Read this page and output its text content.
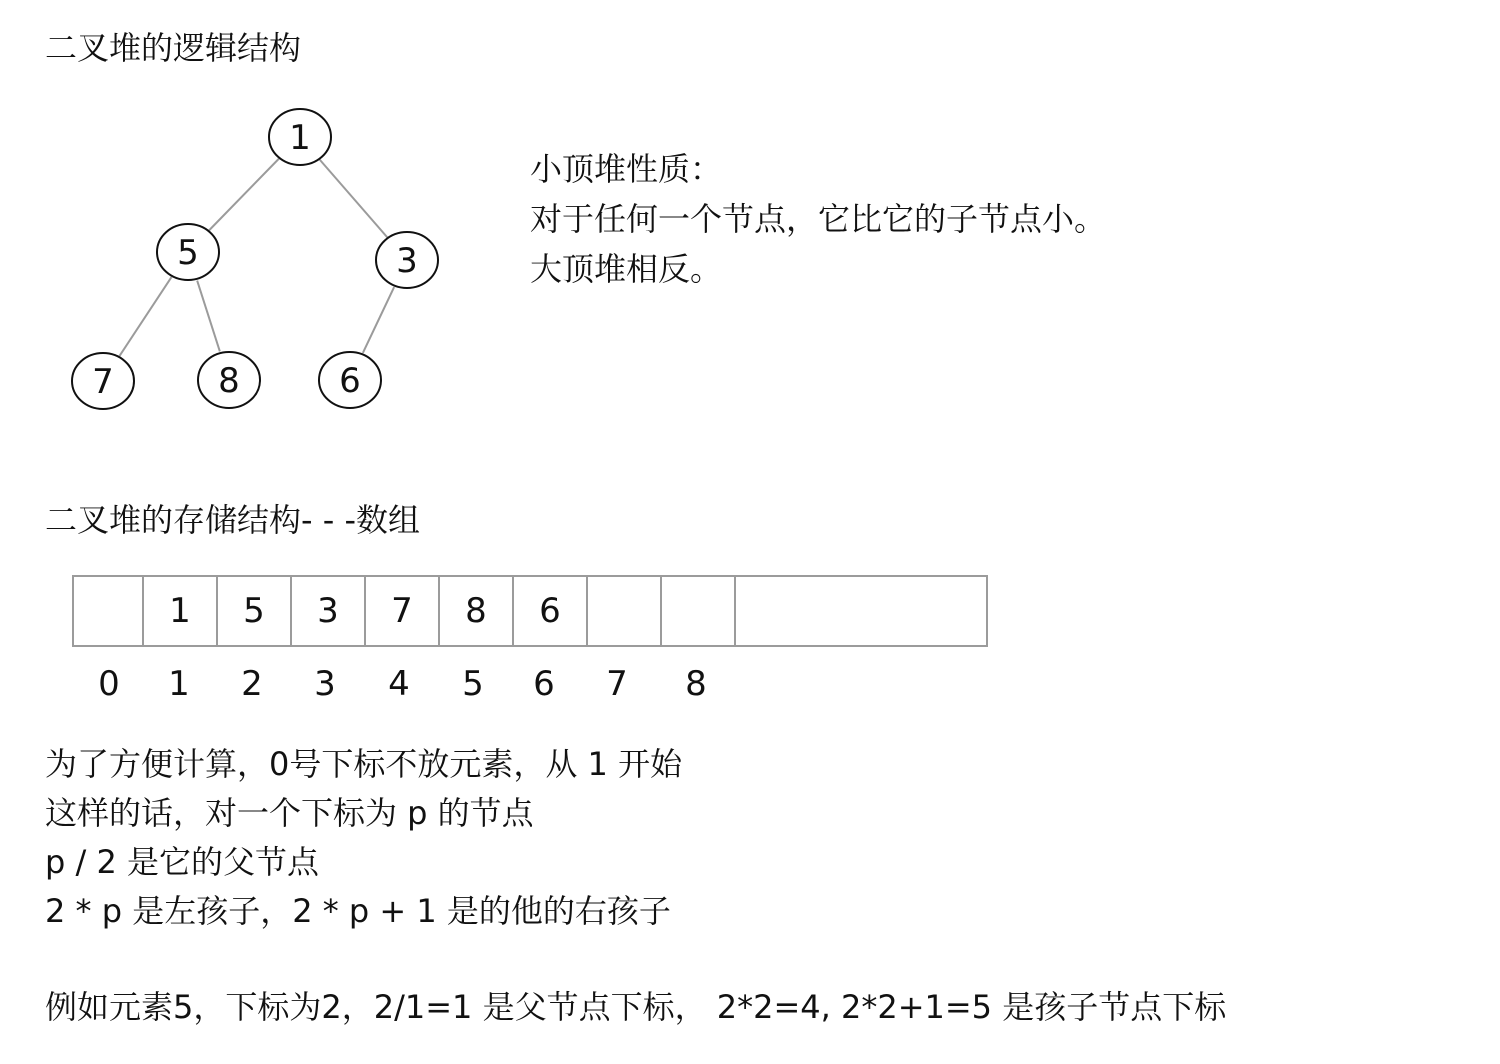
二叉堆的逻辑结构
1
5	3
7	8	6
小顶堆性质：
对于任何一个节点，它比它的子节点小。
大顶堆相反。
二叉堆的存储结构- - -数组
1	5	3	7	8	6
0 1 2 3 4 5 6 7 8
为了方便计算，0号下标不放元素，从 1 开始
这样的话，对一个下标为 p 的节点
p / 2 是它的父节点
2 * p 是左孩子，2 * p + 1 是的他的右孩子
例如元素5，下标为2，2/1=1 是父节点下标， 2*2=4, 2*2+1=5 是孩子节点下标
